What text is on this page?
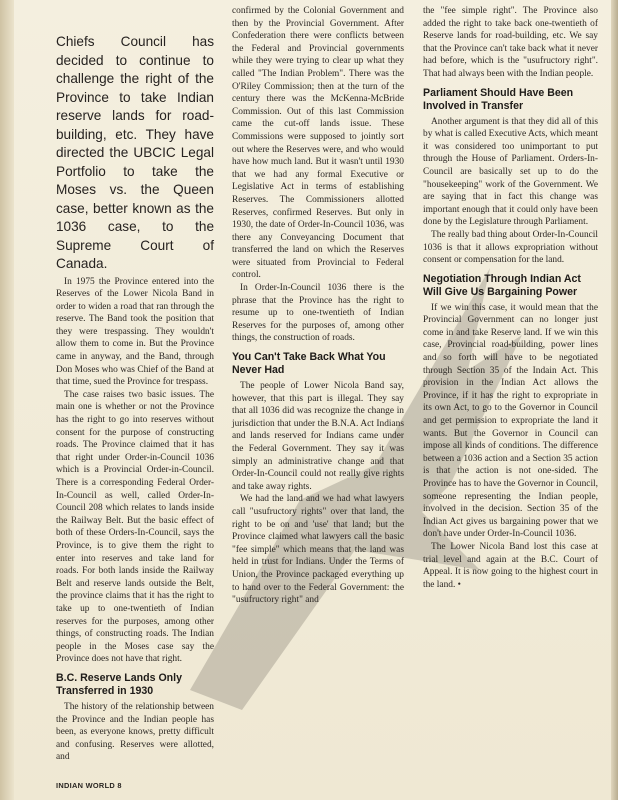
Chiefs Council has decided to continue to challenge the right of the Province to take Indian reserve lands for road-building, etc. They have directed the UBCIC Legal Portfolio to take the Moses vs. the Queen case, better known as the 1036 case, to the Supreme Court of Canada.

In 1975 the Province entered into the Reserves of the Lower Nicola Band in order to widen a road that ran through the reserve. The Band took the position that they were trespassing. They wouldn't allow them to come in. But the Province came in anyway, and the Band, through Don Moses who was Chief of the Band at that time, sued the Province for trespass.

The case raises two basic issues. The main one is whether or not the Province has the right to go into reserves without consent for the purpose of constructing roads. The Province claimed that it has that right under Order-in-Council 1036 which is a Provincial Order-in-Council. There is a corresponding Federal Order-In-Council as well, called Order-In-Council 208 which relates to lands inside the Railway Belt. But the basic effect of both of these Orders-In-Council, says the Province, is to give them the right to enter into reserves and take land for roads. For both lands inside the Railway Belt and reserve lands outside the Belt, the province claims that it has the right to take up to one-twentieth of Indian reserves for the purposes, among other things, of constructing roads. The Indian people in the Moses case say the Province does not have that right.

B.C. Reserve Lands Only Transferred in 1930

The history of the relationship between the Province and the Indian people has been, as everyone knows, pretty difficult and confusing. Reserves were allotted, and

confirmed by the Colonial Government and then by the Provincial Government. After Confederation there were conflicts between the Federal and Provincial governments while they were trying to clear up what they called "The Indian Problem". There was the O'Riley Commission; then at the turn of the century there was the McKenna-McBride Commission. Out of this last Commission came the cut-off lands issue. These Commissions were supposed to jointly sort out where the Reserves were, and who would have how much land. But it wasn't until 1930 that we had any formal Executive or Legislative Act in terms of establishing Reserves. The Commissioners allotted Reserves, confirmed Reserves. But only in 1930, the date of Order-In-Council 1036, was there any Conveyancing Document that transferred the land on which the Reserves were situated from Provincial to Federal control.

In Order-In-Council 1036 there is the phrase that the Province has the right to resume up to one-twentieth of Indian Reserves for the purposes of, among other things, the construction of roads.

You Can't Take Back What You Never Had

The people of Lower Nicola Band say, however, that this part is illegal. They say that all 1036 did was recognize the change in jurisdiction that under the B.N.A. Act Indians and lands reserved for Indians came under the Federal Government. They say it was simply an administrative change and that Order-In-Council could not really give rights and take away rights.

We had the land and we had what lawyers call "usufructory rights" over that land, the right to be on and 'use' that land; but the Province claimed what lawyers call the basic "fee simple" which means that the land was held in trust for Indians. Under the Terms of Union, the Province packaged everything up to hand over to the Federal Government: the "usufructory right" and

the "fee simple right". The Province also added the right to take back one-twentieth of Reserve lands for road-building, etc. We say that the Province can't take back what it never had before, which is the "usufructory right". That had always been with the Indian people.

Parliament Should Have Been Involved in Transfer

Another argument is that they did all of this by what is called Executive Acts, which meant it was considered too unimportant to put through the House of Parliament. Orders-In-Council are basically set up to do the "housekeeping" work of the Government. We are saying that in fact this change was important enough that it could only have been done by the Legislature through Parliament.

The really bad thing about Order-In-Council 1036 is that it allows expropriation without consent or compensation for the land.

Negotiation Through Indian Act Will Give Us Bargaining Power

If we win this case, it would mean that the Provincial Government can no longer just come in and take Reserve land. If we win this case, Provincial road-building, power lines and so forth will have to be negotiated through Section 35 of the Indain Act. This provision in the Indian Act allows the Province, if it has the right to expropriate in its own Act, to go to the Governor in Council and get permission to expropriate the land it wants. But the Governor in Council can impose all kinds of conditions. The difference between a 1036 action and a Section 35 action is that the action is not one-sided. The Province has to have the Governor in Council, someone representing the Indian people, involved in the decision. Section 35 of the Indian Act gives us bargaining power that we don't have under Order-In-Council 1036.

The Lower Nicola Band lost this case at trial level and again at the B.C. Court of Appeal. It is now going to the highest court in the land. •

INDIAN WORLD 8
